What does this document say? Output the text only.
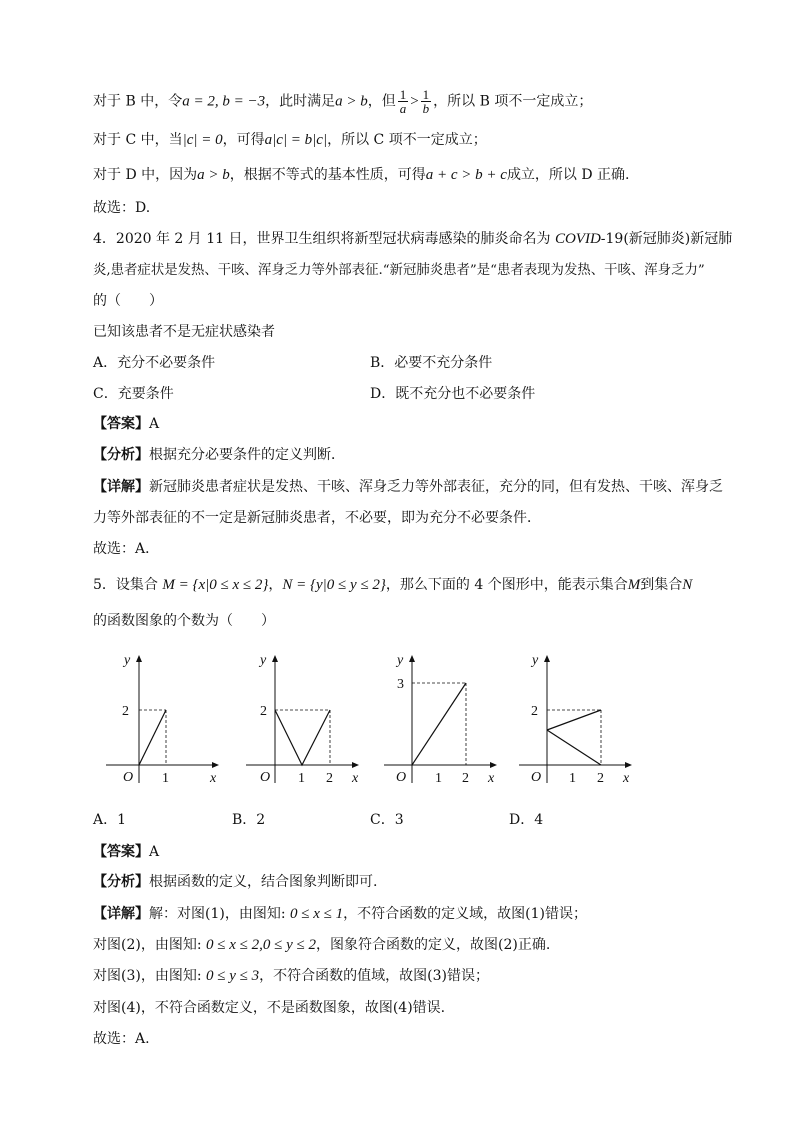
对于 B 中，令a = 2, b = −3，此时满足a > b，但 $\frac{1}{a} > \frac{1}{b}$ ，所以 B 项不一定成立；
对于 C 中，当|c| = 0，可得a|c| = b|c|，所以 C 项不一定成立；
对于 D 中，因为a > b，根据不等式的基本性质，可得a + c > b + c成立，所以 D 正确.
故选：D.
4．2020 年 2 月 11 日，世界卫生组织将新型冠状病毒感染的肺炎命名为 COVID-19(新冠肺炎)新冠肺
炎,患者症状是发热、干咳、浑身乏力等外部表征.“新冠肺炎患者”是“患者表现为发热、干咳、浑身乏力”
的（　　）
已知该患者不是无症状感染者
A．充分不必要条件	B．必要不充分条件
C．充要条件	D．既不充分也不必要条件
【答案】A
【分析】根据充分必要条件的定义判断．
【详解】新冠肺炎患者症状是发热、干咳、浑身乏力等外部表征，充分的同，但有发热、干咳、浑身乏
力等外部表征的不一定是新冠肺炎患者，不必要，即为充分不必要条件．
故选：A．
5．设集合 M = {x|0 ≤ x ≤ 2}，N = {y|0 ≤ y ≤ 2}，那么下面的 4 个图形中，能表示集合M到集合N
的函数图象的个数为（　　）
y
2
O 1	x
y
2
O 1 2 x
y
3
O 1 2 x
y
2
O 1 2 x
A．1	B．2	C．3	D．4
【答案】A
【分析】根据函数的定义，结合图象判断即可.
【详解】解：对图(1)，由图知: 0 ≤ x ≤ 1，不符合函数的定义域，故图(1)错误；
对图(2)，由图知: 0 ≤ x ≤ 2,0 ≤ y ≤ 2，图象符合函数的定义，故图(2)正确.
对图(3)，由图知: 0 ≤ y ≤ 3，不符合函数的值域，故图(3)错误；
对图(4)，不符合函数定义，不是函数图象，故图(4)错误.
故选：A.
